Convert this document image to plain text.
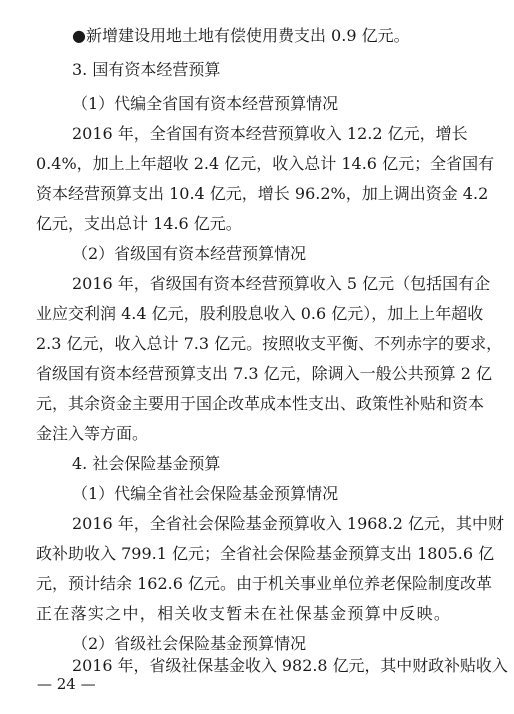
●新增建设用地土地有偿使用费支出 0.9 亿元。
3. 国有资本经营预算
（1）代编全省国有资本经营预算情况
2016 年，全省国有资本经营预算收入 12.2 亿元，增长
0.4%，加上上年超收 2.4 亿元，收入总计 14.6 亿元；全省国有
资本经营预算支出 10.4 亿元，增长 96.2%，加上调出资金 4.2
亿元，支出总计 14.6 亿元。
（2）省级国有资本经营预算情况
2016 年，省级国有资本经营预算收入 5 亿元（包括国有企
业应交利润 4.4 亿元，股利股息收入 0.6 亿元），加上上年超收
2.3 亿元，收入总计 7.3 亿元。按照收支平衡、不列赤字的要求，
省级国有资本经营预算支出 7.3 亿元，除调入一般公共预算 2 亿
元，其余资金主要用于国企改革成本性支出、政策性补贴和资本
金注入等方面。
4. 社会保险基金预算
（1）代编全省社会保险基金预算情况
2016 年，全省社会保险基金预算收入 1968.2 亿元，其中财
政补助收入 799.1 亿元；全省社会保险基金预算支出 1805.6 亿
元，预计结余 162.6 亿元。由于机关事业单位养老保险制度改革
正在落实之中，相关收支暂未在社保基金预算中反映。
（2）省级社会保险基金预算情况
2016 年，省级社保基金收入 982.8 亿元，其中财政补贴收入
— 24 —
